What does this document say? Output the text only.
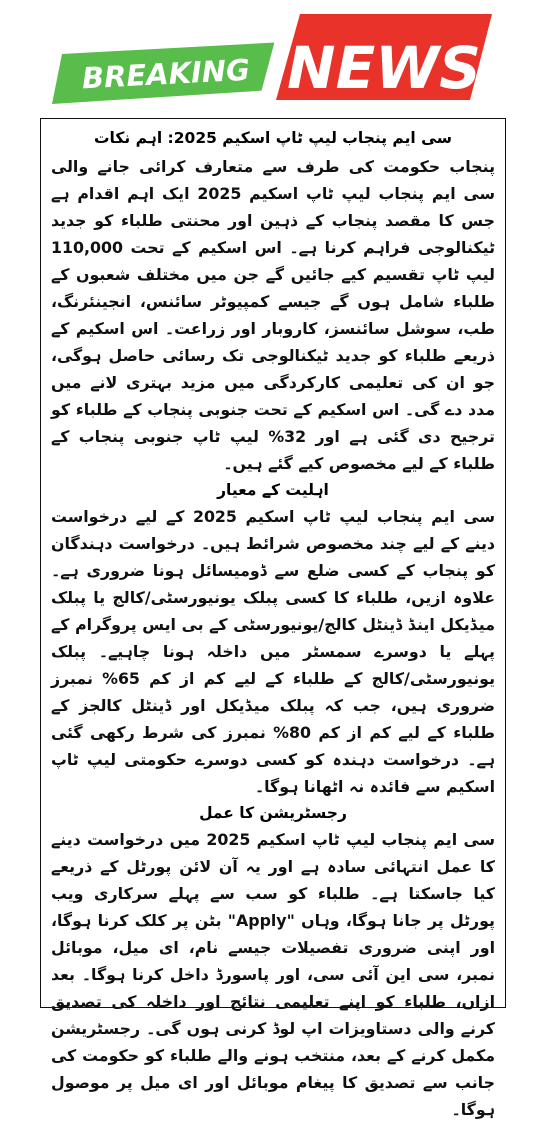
BREAKING NEWS
سی ایم پنجاب لیپ ٹاپ اسکیم 2025: اہم نکات

پنجاب حکومت کی طرف سے متعارف کرائی جانے والی سی ایم پنجاب لیپ ٹاپ اسکیم 2025 ایک اہم اقدام ہے جس کا مقصد پنجاب کے ذہین اور محنتی طلباء کو جدید ٹیکنالوجی فراہم کرنا ہے۔ اس اسکیم کے تحت 110,000 لیپ ٹاپ تقسیم کیے جائیں گے جن میں مختلف شعبوں کے طلباء شامل ہوں گے جیسے کمپیوٹر سائنس، انجینئرنگ، طب، سوشل سائنسز، کاروبار اور زراعت۔ اس اسکیم کے ذریعے طلباء کو جدید ٹیکنالوجی تک رسائی حاصل ہوگی، جو ان کی تعلیمی کارکردگی میں مزید بہتری لانے میں مدد دے گی۔ اس اسکیم کے تحت جنوبی پنجاب کے طلباء کو ترجیح دی گئی ہے اور 32% لیپ ٹاپ جنوبی پنجاب کے طلباء کے لیے مخصوص کیے گئے ہیں۔

اہلیت کے معیار

سی ایم پنجاب لیپ ٹاپ اسکیم 2025 کے لیے درخواست دینے کے لیے چند مخصوص شرائط ہیں۔ درخواست دہندگان کو پنجاب کے کسی ضلع سے ڈومیسائل ہونا ضروری ہے۔ علاوہ ازیں، طلباء کا کسی پبلک یونیورسٹی/کالج یا پبلک میڈیکل اینڈ ڈینٹل کالج/یونیورسٹی کے بی ایس پروگرام کے پہلے یا دوسرے سمسٹر میں داخلہ ہونا چاہیے۔ پبلک یونیورسٹی/کالج کے طلباء کے لیے کم از کم 65% نمبرز ضروری ہیں، جب کہ پبلک میڈیکل اور ڈینٹل کالجز کے طلباء کے لیے کم از کم 80% نمبرز کی شرط رکھی گئی ہے۔ درخواست دہندہ کو کسی دوسرے حکومتی لیپ ٹاپ اسکیم سے فائدہ نہ اٹھانا ہوگا۔

رجسٹریشن کا عمل

سی ایم پنجاب لیپ ٹاپ اسکیم 2025 میں درخواست دینے کا عمل انتہائی سادہ ہے اور یہ آن لائن پورٹل کے ذریعے کیا جاسکتا ہے۔ طلباء کو سب سے پہلے سرکاری ویب پورٹل پر جانا ہوگا، وہاں "Apply" بٹن پر کلک کرنا ہوگا، اور اپنی ضروری تفصیلات جیسے نام، ای میل، موبائل نمبر، سی این آئی سی، اور پاسورڈ داخل کرنا ہوگا۔ بعد ازاں، طلباء کو اپنے تعلیمی نتائج اور داخلہ کی تصدیق کرنے والی دستاویزات اپ لوڈ کرنی ہوں گی۔ رجسٹریشن مکمل کرنے کے بعد، منتخب ہونے والے طلباء کو حکومت کی جانب سے تصدیق کا پیغام موبائل اور ای میل پر موصول ہوگا۔
